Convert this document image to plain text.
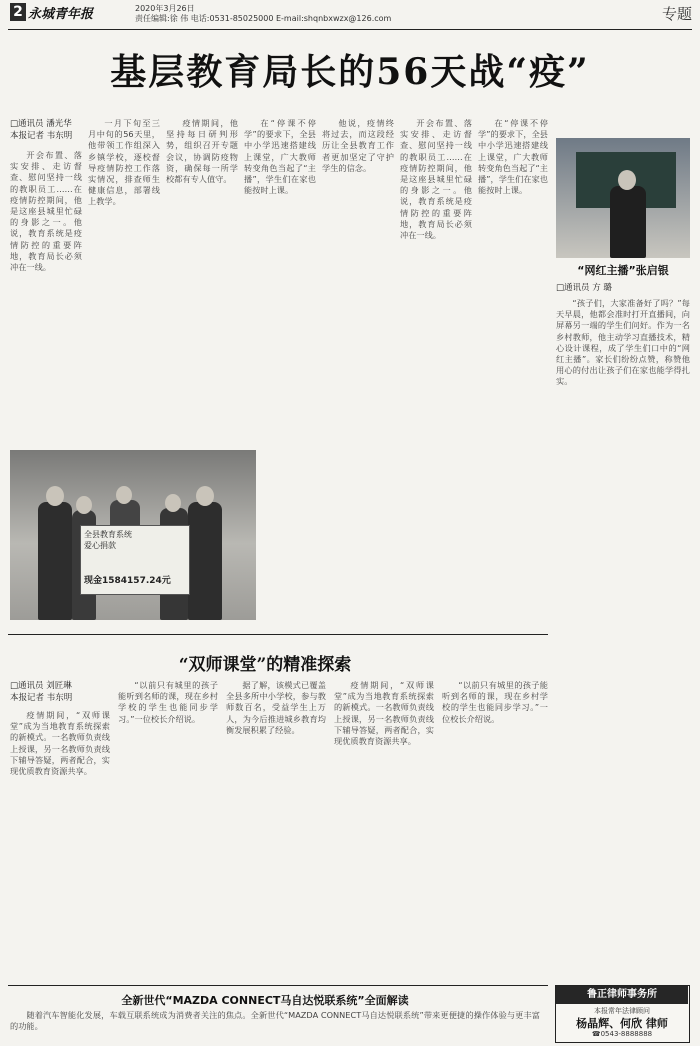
2 永城青年报	2020年3月26日
责任编辑:徐 伟 电话:0531-85025000 E-mail:shqnbxwzx@126.com	专题
基层教育局长的56天战“疫”
□通讯员 潘光华
本报记者 韦东明

开会布置、落实安排、走访督查、慰问坚持一线的教职员工……在疫情防控期间，他是这座县城里忙碌的身影之一。他说，教育系统是疫情防控的重要阵地，教育局长必须冲在一线。

一月下旬至三月中旬的56天里，他带领工作组深入乡镇学校，逐校督导疫情防控工作落实情况，排查师生健康信息，部署线上教学。

疫情期间，他坚持每日研判形势，组织召开专题会议，协调防疫物资，确保每一所学校都有专人值守。

在“停课不停学”的要求下，全县中小学迅速搭建线上课堂，广大教师转变角色当起了“主播”，学生们在家也能按时上课。

他说，疫情终将过去，而这段经历让全县教育工作者更加坚定了守护学生的信念。

全县教育系统
爱心捐款
现金1584157.24元

开会布置、落实安排、走访督查、慰问坚持一线的教职员工……在疫情防控期间，他是这座县城里忙碌的身影之一。他说，教育系统是疫情防控的重要阵地，教育局长必须冲在一线。

在“停课不停学”的要求下，全县中小学迅速搭建线上课堂，广大教师转变角色当起了“主播”，学生们在家也能按时上课。

“网红主播”张启银
□通讯员 方 璐

“孩子们，大家准备好了吗？”每天早晨，他都会准时打开直播间，向屏幕另一端的学生们问好。作为一名乡村教师，他主动学习直播技术，精心设计课程，成了学生们口中的“网红主播”。家长们纷纷点赞，称赞他用心的付出让孩子们在家也能学得扎实。

“双师课堂”的精准探索
□通讯员 刘匠琳
本报记者 韦东明

疫情期间，“双师课堂”成为当地教育系统探索的新模式。一名教师负责线上授课，另一名教师负责线下辅导答疑，两者配合，实现优质教育资源共享。

“以前只有城里的孩子能听到名师的课，现在乡村学校的学生也能同步学习。”一位校长介绍说。

据了解，该模式已覆盖全县多所中小学校，参与教师数百名，受益学生上万人，为今后推进城乡教育均衡发展积累了经验。

疫情期间，“双师课堂”成为当地教育系统探索的新模式。一名教师负责线上授课，另一名教师负责线下辅导答疑，两者配合，实现优质教育资源共享。

“以前只有城里的孩子能听到名师的课，现在乡村学校的学生也能同步学习。”一位校长介绍说。

全新世代“MAZDA CONNECT马自达悦联系统”全面解读

随着汽车智能化发展，车载互联系统成为消费者关注的焦点。全新世代“MAZDA CONNECT马自达悦联系统”带来更便捷的操作体验与更丰富的功能。

鲁正律师事务所
本报常年法律顾问
杨晶辉、何欣 律师
☎0543-8888888
